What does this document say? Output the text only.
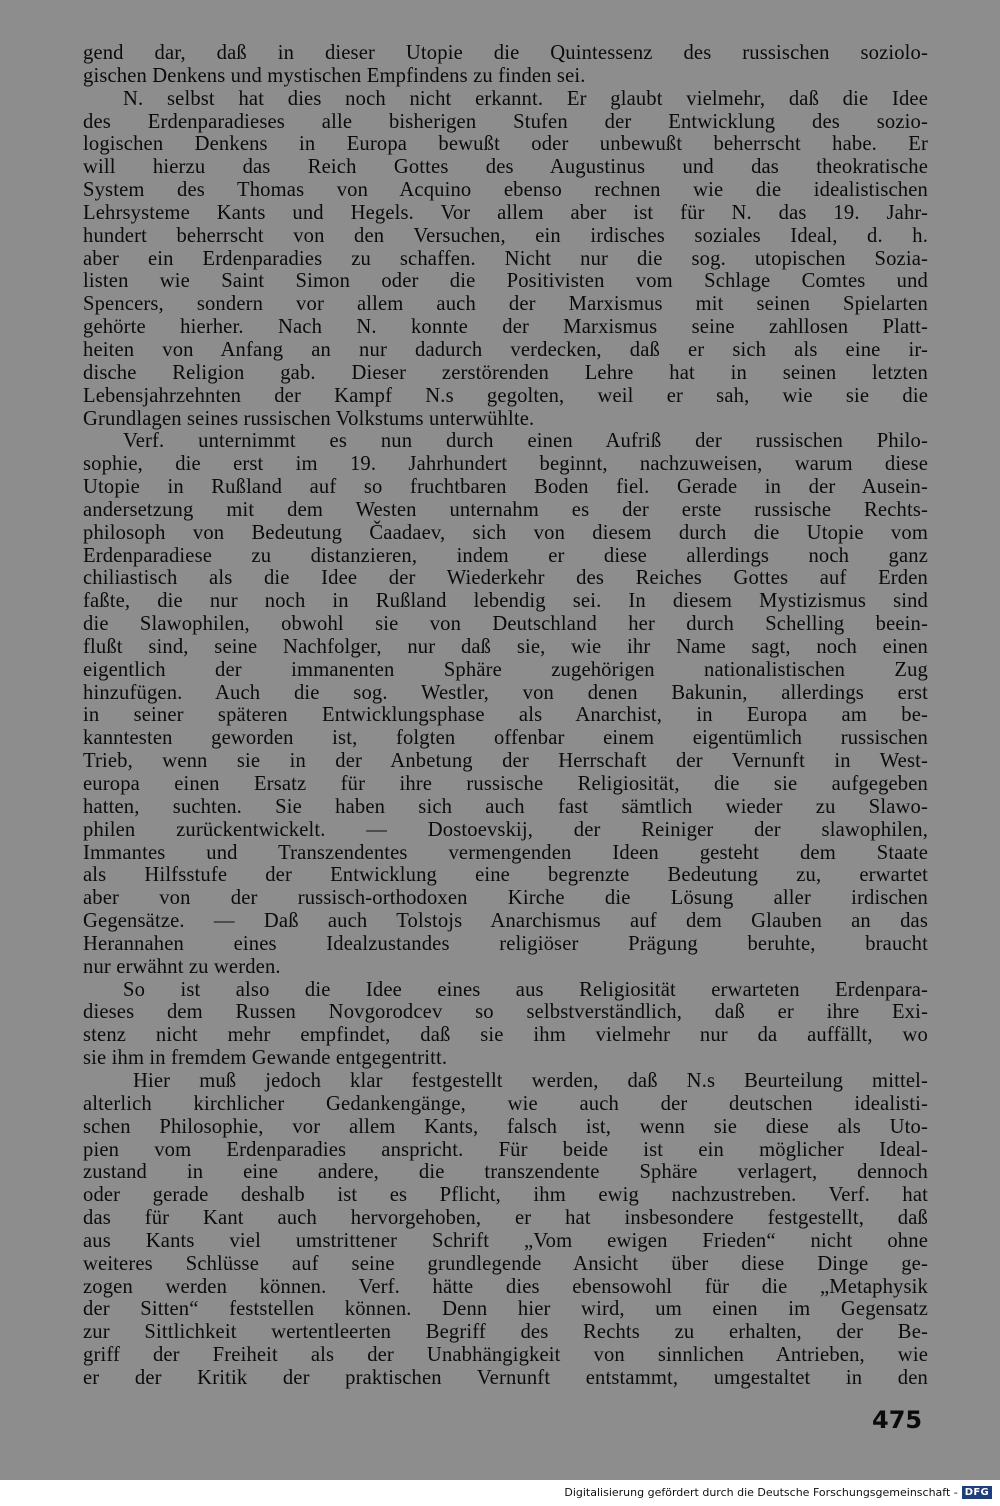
gend dar, daß in dieser Utopie die Quintessenz des russischen soziolo-
gischen Denkens und mystischen Empfindens zu finden sei.
N. selbst hat dies noch nicht erkannt. Er glaubt vielmehr, daß die Idee
des Erdenparadieses alle bisherigen Stufen der Entwicklung des sozio-
logischen Denkens in Europa bewußt oder unbewußt beherrscht habe. Er
will hierzu das Reich Gottes des Augustinus und das theokratische
System des Thomas von Acquino ebenso rechnen wie die idealistischen
Lehrsysteme Kants und Hegels. Vor allem aber ist für N. das 19. Jahr-
hundert beherrscht von den Versuchen, ein irdisches soziales Ideal, d. h.
aber ein Erdenparadies zu schaffen. Nicht nur die sog. utopischen Sozia-
listen wie Saint Simon oder die Positivisten vom Schlage Comtes und
Spencers, sondern vor allem auch der Marxismus mit seinen Spielarten
gehörte hierher. Nach N. konnte der Marxismus seine zahllosen Platt-
heiten von Anfang an nur dadurch verdecken, daß er sich als eine ir-
dische Religion gab. Dieser zerstörenden Lehre hat in seinen letzten
Lebensjahrzehnten der Kampf N.s gegolten, weil er sah, wie sie die
Grundlagen seines russischen Volkstums unterwühlte.
Verf. unternimmt es nun durch einen Aufriß der russischen Philo-
sophie, die erst im 19. Jahrhundert beginnt, nachzuweisen, warum diese
Utopie in Rußland auf so fruchtbaren Boden fiel. Gerade in der Ausein-
andersetzung mit dem Westen unternahm es der erste russische Rechts-
philosoph von Bedeutung Čaadaev, sich von diesem durch die Utopie vom
Erdenparadiese zu distanzieren, indem er diese allerdings noch ganz
chiliastisch als die Idee der Wiederkehr des Reiches Gottes auf Erden
faßte, die nur noch in Rußland lebendig sei. In diesem Mystizismus sind
die Slawophilen, obwohl sie von Deutschland her durch Schelling beein-
flußt sind, seine Nachfolger, nur daß sie, wie ihr Name sagt, noch einen
eigentlich der immanenten Sphäre zugehörigen nationalistischen Zug
hinzufügen. Auch die sog. Westler, von denen Bakunin, allerdings erst
in seiner späteren Entwicklungsphase als Anarchist, in Europa am be-
kanntesten geworden ist, folgten offenbar einem eigentümlich russischen
Trieb, wenn sie in der Anbetung der Herrschaft der Vernunft in West-
europa einen Ersatz für ihre russische Religiosität, die sie aufgegeben
hatten, suchten. Sie haben sich auch fast sämtlich wieder zu Slawo-
philen zurückentwickelt. — Dostoevskij, der Reiniger der slawophilen,
Immantes und Transzendentes vermengenden Ideen gesteht dem Staate
als Hilfsstufe der Entwicklung eine begrenzte Bedeutung zu, erwartet
aber von der russisch-orthodoxen Kirche die Lösung aller irdischen
Gegensätze. — Daß auch Tolstojs Anarchismus auf dem Glauben an das
Herannahen eines Idealzustandes religiöser Prägung beruhte, braucht
nur erwähnt zu werden.
So ist also die Idee eines aus Religiosität erwarteten Erdenpara-
dieses dem Russen Novgorodcev so selbstverständlich, daß er ihre Exi-
stenz nicht mehr empfindet, daß sie ihm vielmehr nur da auffällt, wo
sie ihm in fremdem Gewande entgegentritt.
Hier muß jedoch klar festgestellt werden, daß N.s Beurteilung mittel-
alterlich kirchlicher Gedankengänge, wie auch der deutschen idealisti-
schen Philosophie, vor allem Kants, falsch ist, wenn sie diese als Uto-
pien vom Erdenparadies anspricht. Für beide ist ein möglicher Ideal-
zustand in eine andere, die transzendente Sphäre verlagert, dennoch
oder gerade deshalb ist es Pflicht, ihm ewig nachzustreben. Verf. hat
das für Kant auch hervorgehoben, er hat insbesondere festgestellt, daß
aus Kants viel umstrittener Schrift „Vom ewigen Frieden“ nicht ohne
weiteres Schlüsse auf seine grundlegende Ansicht über diese Dinge ge-
zogen werden können. Verf. hätte dies ebensowohl für die „Metaphysik
der Sitten“ feststellen können. Denn hier wird, um einen im Gegensatz
zur Sittlichkeit wertentleerten Begriff des Rechts zu erhalten, der Be-
griff der Freiheit als der Unabhängigkeit von sinnlichen Antrieben, wie
er der Kritik der praktischen Vernunft entstammt, umgestaltet in den
475
Digitalisierung gefördert durch die Deutsche Forschungsgemeinschaft - DFG
